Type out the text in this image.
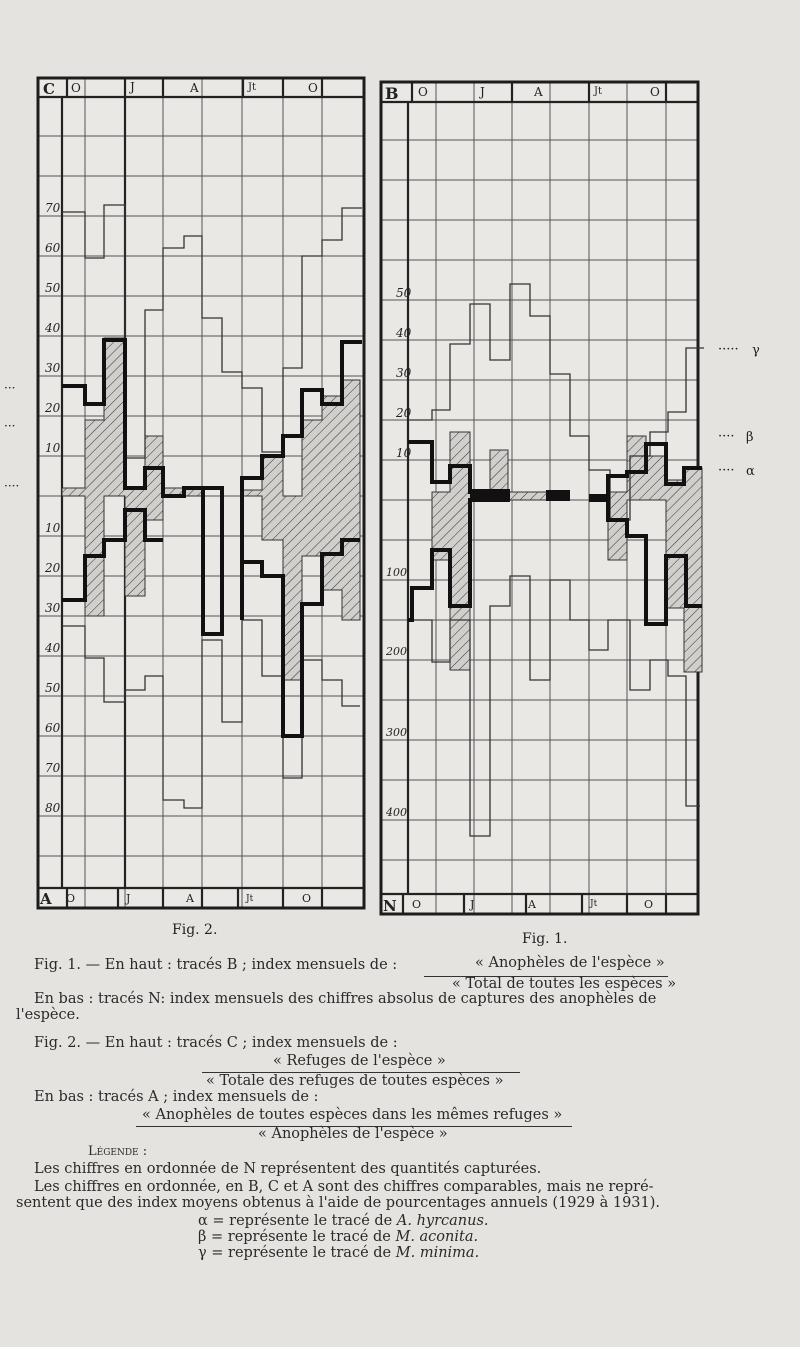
C
A
O	J	A	Jt	O
O	J	A	Jt	O
70
60
50
40
30
20
10
10
20
30
40
50
60
70
80
B
N
O	J	A	Jt	O
O	J	A	Jt	O
50
40
30
20
10
100
200
300
400
····· γ
···· β
···· α
···
···
····
Fig. 2.
Fig. 1.
Fig. 1. — En haut : tracés B ; index mensuels de :	« Anophèles de l'espèce »
« Total de toutes les espèces »
En bas : tracés N: index mensuels des chiffres absolus de captures des anophèles de
l'espèce.
Fig. 2. — En haut : tracés C ; index mensuels de :
« Refuges de l'espèce »
« Totale des refuges de toutes espèces »
En bas : tracés A ; index mensuels de :
« Anophèles de toutes espèces dans les mêmes refuges »
« Anophèles de l'espèce »
Légende :
Les chiffres en ordonnée de N représentent des quantités capturées.
Les chiffres en ordonnée, en B, C et A sont des chiffres comparables, mais ne repré-
sentent que des index moyens obtenus à l'aide de pourcentages annuels (1929 à 1931).
α = représente le tracé de A. hyrcanus.
β = représente le tracé de M. aconita.
γ = représente le tracé de M. minima.
